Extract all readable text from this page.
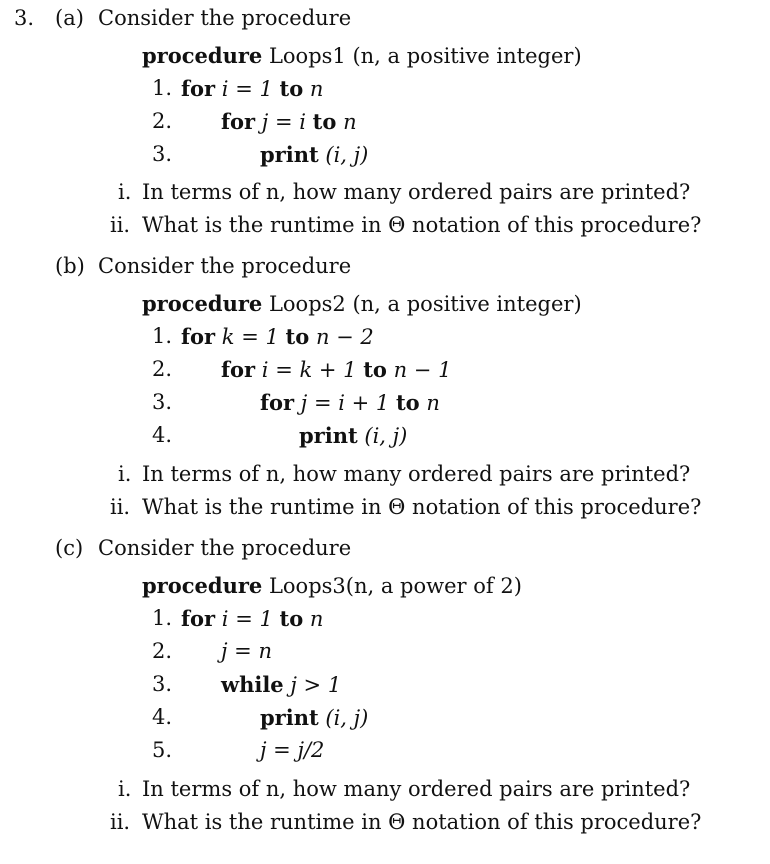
3. (a) Consider the procedure
procedure Loops1 (n, a positive integer)
1. for i = 1 to n
2. for j = i to n
3.	print (i, j)
i. In terms of n, how many ordered pairs are printed?
ii. What is the runtime in Θ notation of this procedure?
(b) Consider the procedure
procedure Loops2 (n, a positive integer)
1. for k = 1 to n − 2
2. for i = k + 1 to n − 1
3.	for j = i + 1 to n
4.	print (i, j)
i. In terms of n, how many ordered pairs are printed?
ii. What is the runtime in Θ notation of this procedure?
(c) Consider the procedure
procedure Loops3(n, a power of 2)
1. for i = 1 to n
2. j = n
3. while j > 1
4.	print (i, j)
5.	j = j/2
i. In terms of n, how many ordered pairs are printed?
ii. What is the runtime in Θ notation of this procedure?
